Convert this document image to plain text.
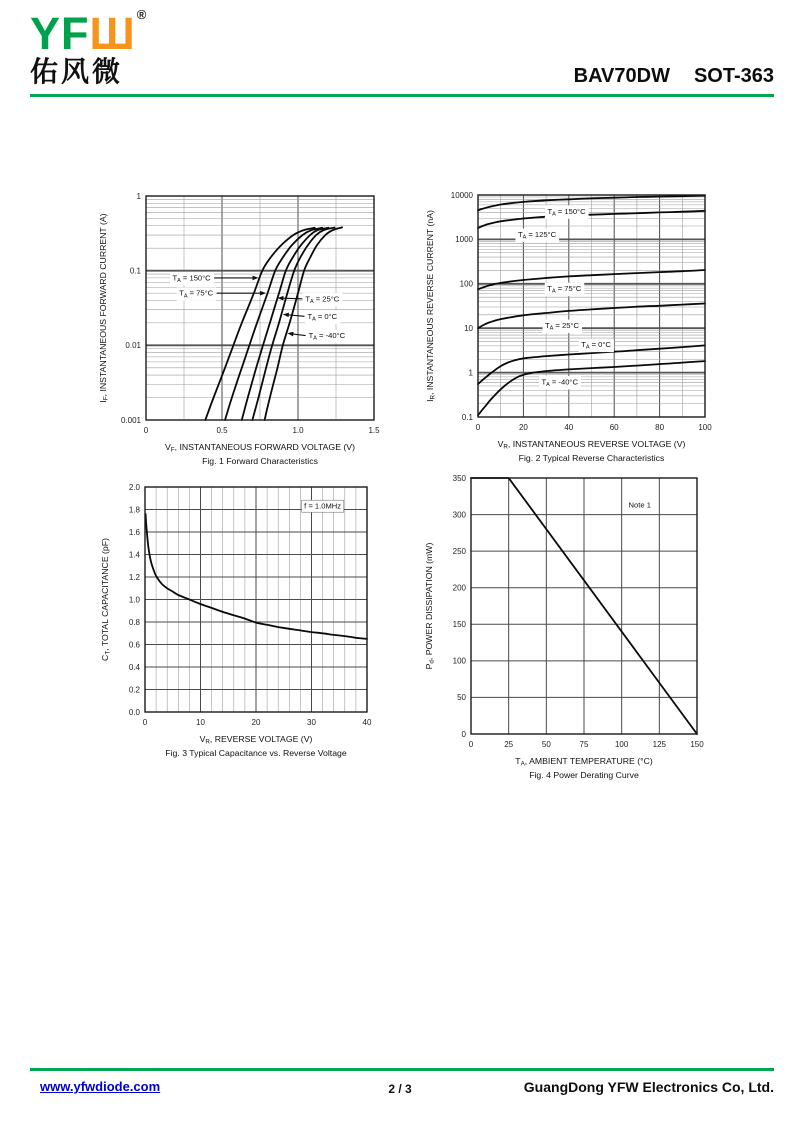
YFШ ®
佑风微	BAV70DW SOT-363
0	0.5	1.0	1.5
1
0.1
0.01
0.001
$V_F$, INSTANTANEOUS FORWARD VOLTAGE (V)
Fig. 1 Forward Characteristics
$I_F$, INSTANTANEOUS FORWARD CURRENT (A)	$T_A = 150^\circ C$
$T_A = 75^\circ C$
$T_A = 25^\circ C$
$T_A = 0^\circ C$
$T_A = -40^\circ C$
0	20	40	60	80	100
10000
1000
100
10
1
0.1
$V_R$, INSTANTANEOUS REVERSE VOLTAGE (V)
Fig. 2 Typical Reverse Characteristics
$I_R$, INSTANTANEOUS REVERSE CURRENT (nA)	$T_A = 150^\circ C$
$T_A = 125^\circ C$
$T_A = 75^\circ C$
$T_A = 25^\circ C$
$T_A = 0^\circ C$
$T_A = -40^\circ C$
0	10	20	30	40
2.0
1.8
1.6
1.4
1.2
1.0
0.8
0.6
0.4
0.2
0.0
$V_R$, REVERSE VOLTAGE (V)
Fig. 3 Typical Capacitance vs. Reverse Voltage
$C_T$, TOTAL CAPACITANCE (pF)
f = 1.0MHz
0	25	50	75	100	125	150
350
300
250
200
150
100
50
0
$T_A$, AMBIENT TEMPERATURE (°C)
Fig. 4 Power Derating Curve
$P_d$, POWER DISSIPATION (mW)
Note 1
www.yfwdiode.com	2 / 3	GuangDong YFW Electronics Co, Ltd.
